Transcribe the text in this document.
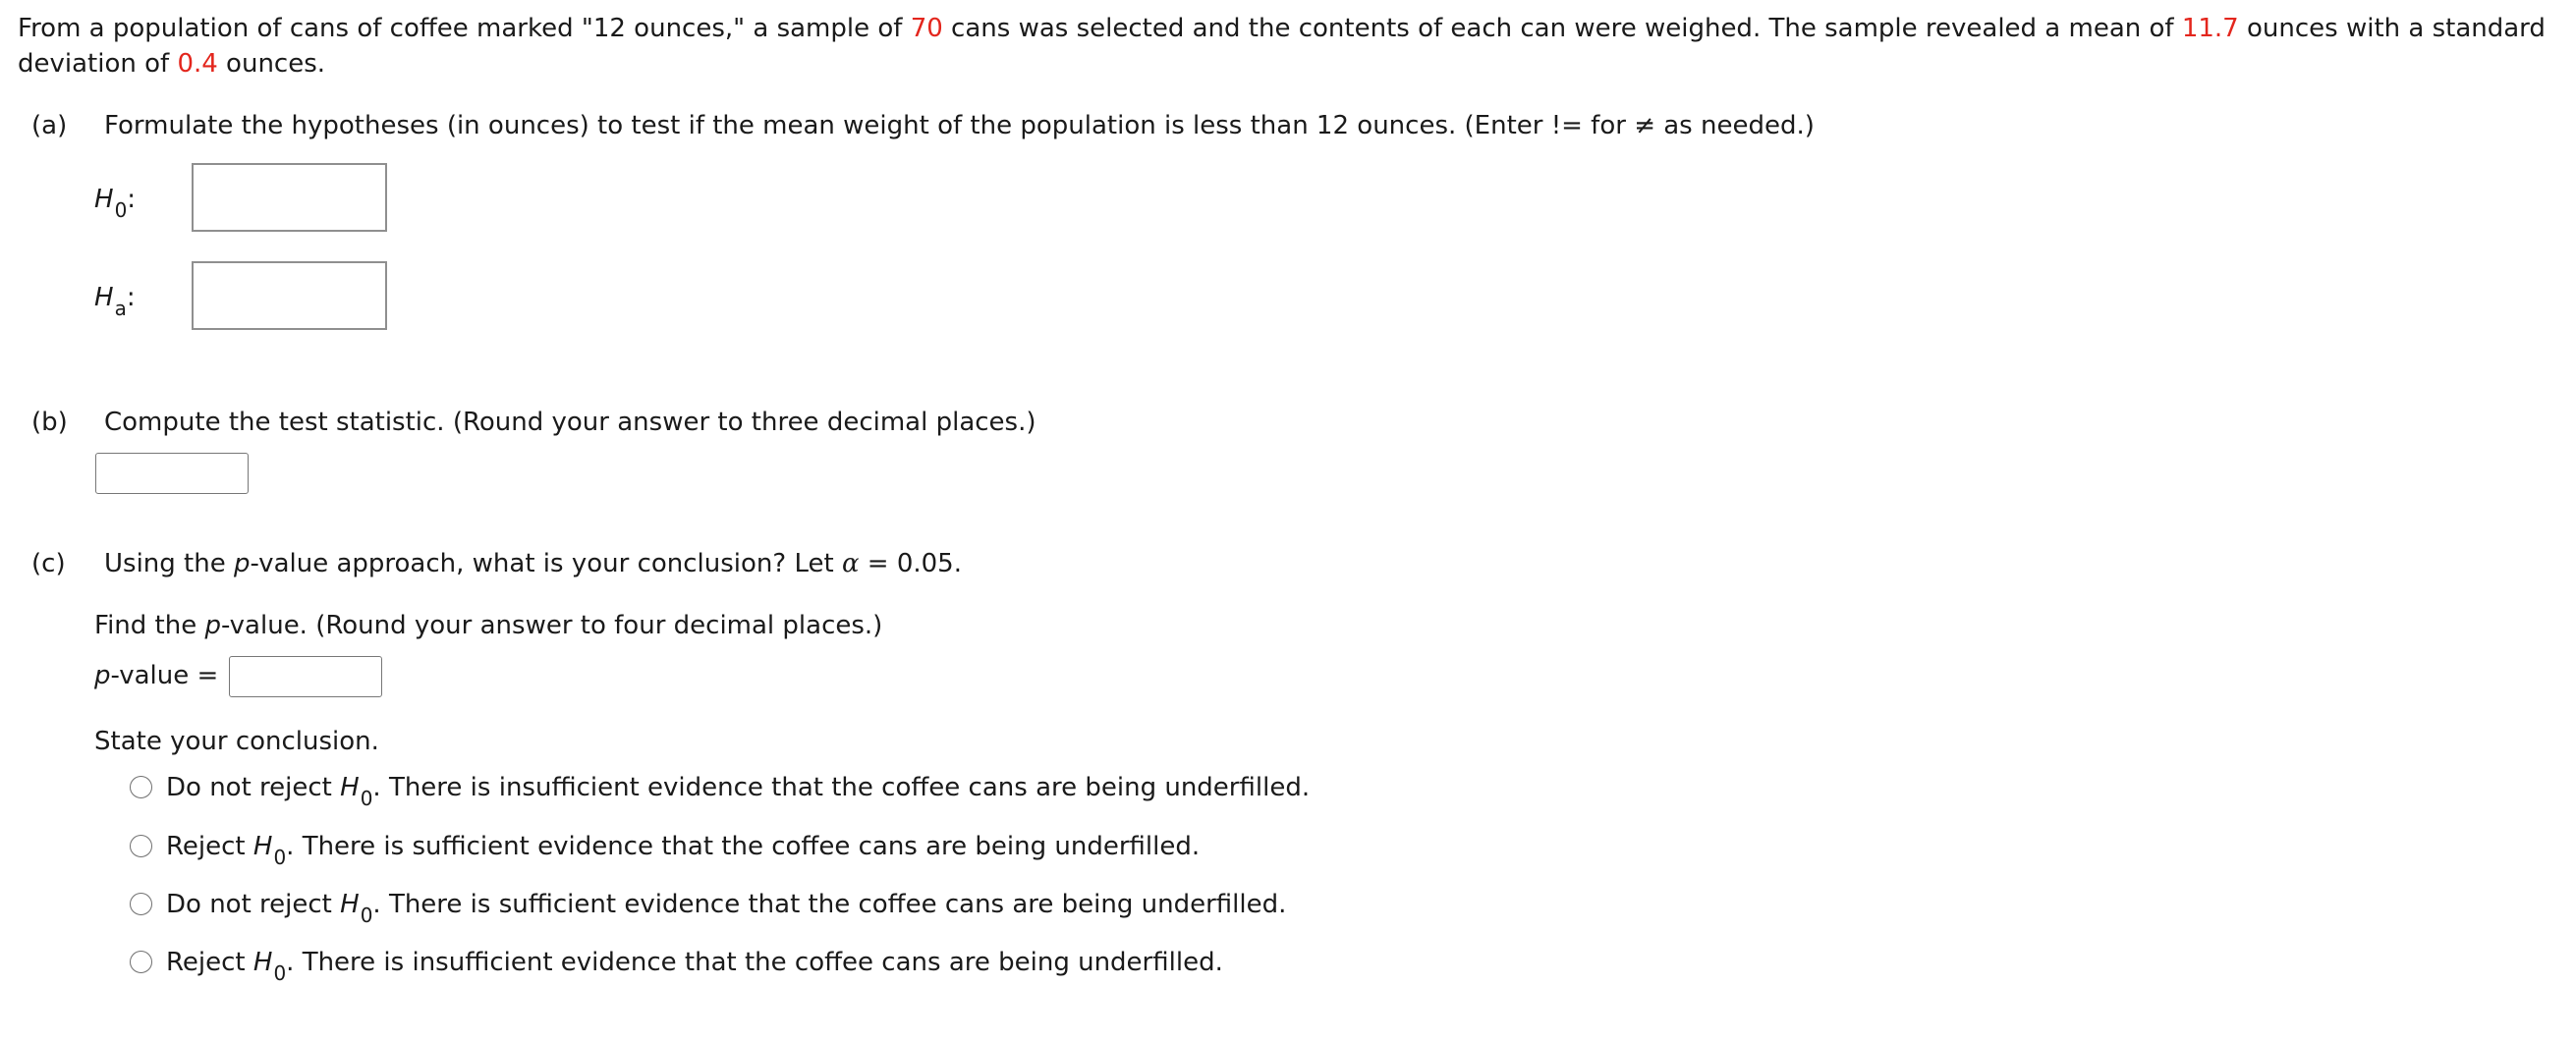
From a population of cans of coffee marked "12 ounces," a sample of 70 cans was selected and the contents of each can were weighed. The sample revealed a mean of 11.7 ounces with a standard deviation of 0.4 ounces.
(a) Formulate the hypotheses (in ounces) to test if the mean weight of the population is less than 12 ounces. (Enter != for ≠ as needed.)
$H_0$:
$H_a$:
(b) Compute the test statistic. (Round your answer to three decimal places.)
(c) Using the p-value approach, what is your conclusion? Let α = 0.05.
Find the p-value. (Round your answer to four decimal places.)
p-value =
State your conclusion.
Do not reject $H_0$. There is insufficient evidence that the coffee cans are being underfilled.
Reject $H_0$. There is sufficient evidence that the coffee cans are being underfilled.
Do not reject $H_0$. There is sufficient evidence that the coffee cans are being underfilled.
Reject $H_0$. There is insufficient evidence that the coffee cans are being underfilled.
